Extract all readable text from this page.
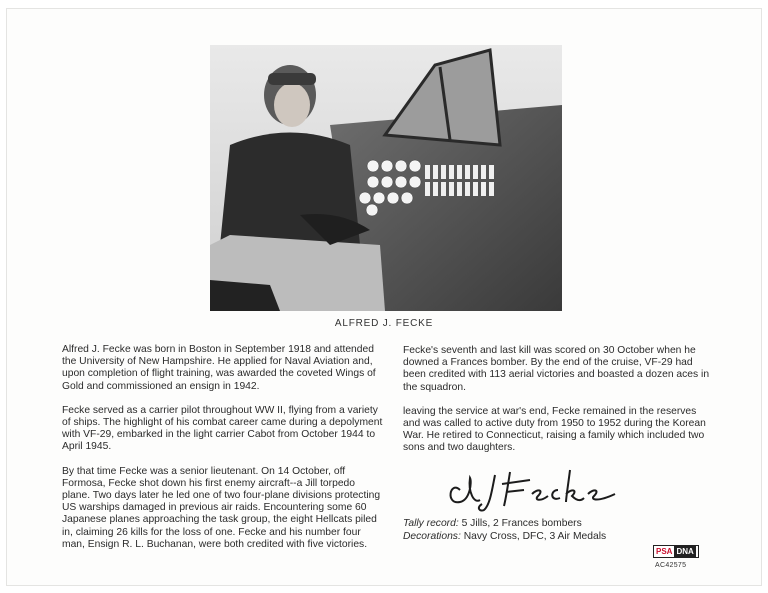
ALFRED J. FECKE

Alfred J. Fecke was born in Boston in September 1918 and attended the University of New Hampshire. He applied for Naval Aviation and, upon completion of flight training, was awarded the coveted Wings of Gold and commissioned an ensign in 1942.

Fecke served as a carrier pilot throughout WW II, flying from a variety of ships. The highlight of his combat career came during a depolyment with VF-29, embarked in the light carrier Cabot from October 1944 to April 1945.

By that time Fecke was a senior lieutenant. On 14 October, off Formosa, Fecke shot down his first enemy aircraft--a Jill torpedo plane. Two days later he led one of two four-plane divisions protecting US warships damaged in previous air raids. Encountering some 60 Japanese planes approaching the task group, the eight Hellcats piled in, claiming 26 kills for the loss of one. Fecke and his number four man, Ensign R. L. Buchanan, were both credited with five victories.

Fecke's seventh and last kill was scored on 30 October when he downed a Frances bomber. By the end of the cruise, VF-29 had been credited with 113 aerial victories and boasted a dozen aces in the squadron.

leaving the service at war's end, Fecke remained in the reserves and was called to active duty from 1950 to 1952 during the Korean War. He retired to Connecticut, raising a family which included two sons and two daughters.

Tally record: 5 Jills, 2 Frances bombers
Decorations: Navy Cross, DFC, 3 Air Medals
PSA DNA
AC42575
